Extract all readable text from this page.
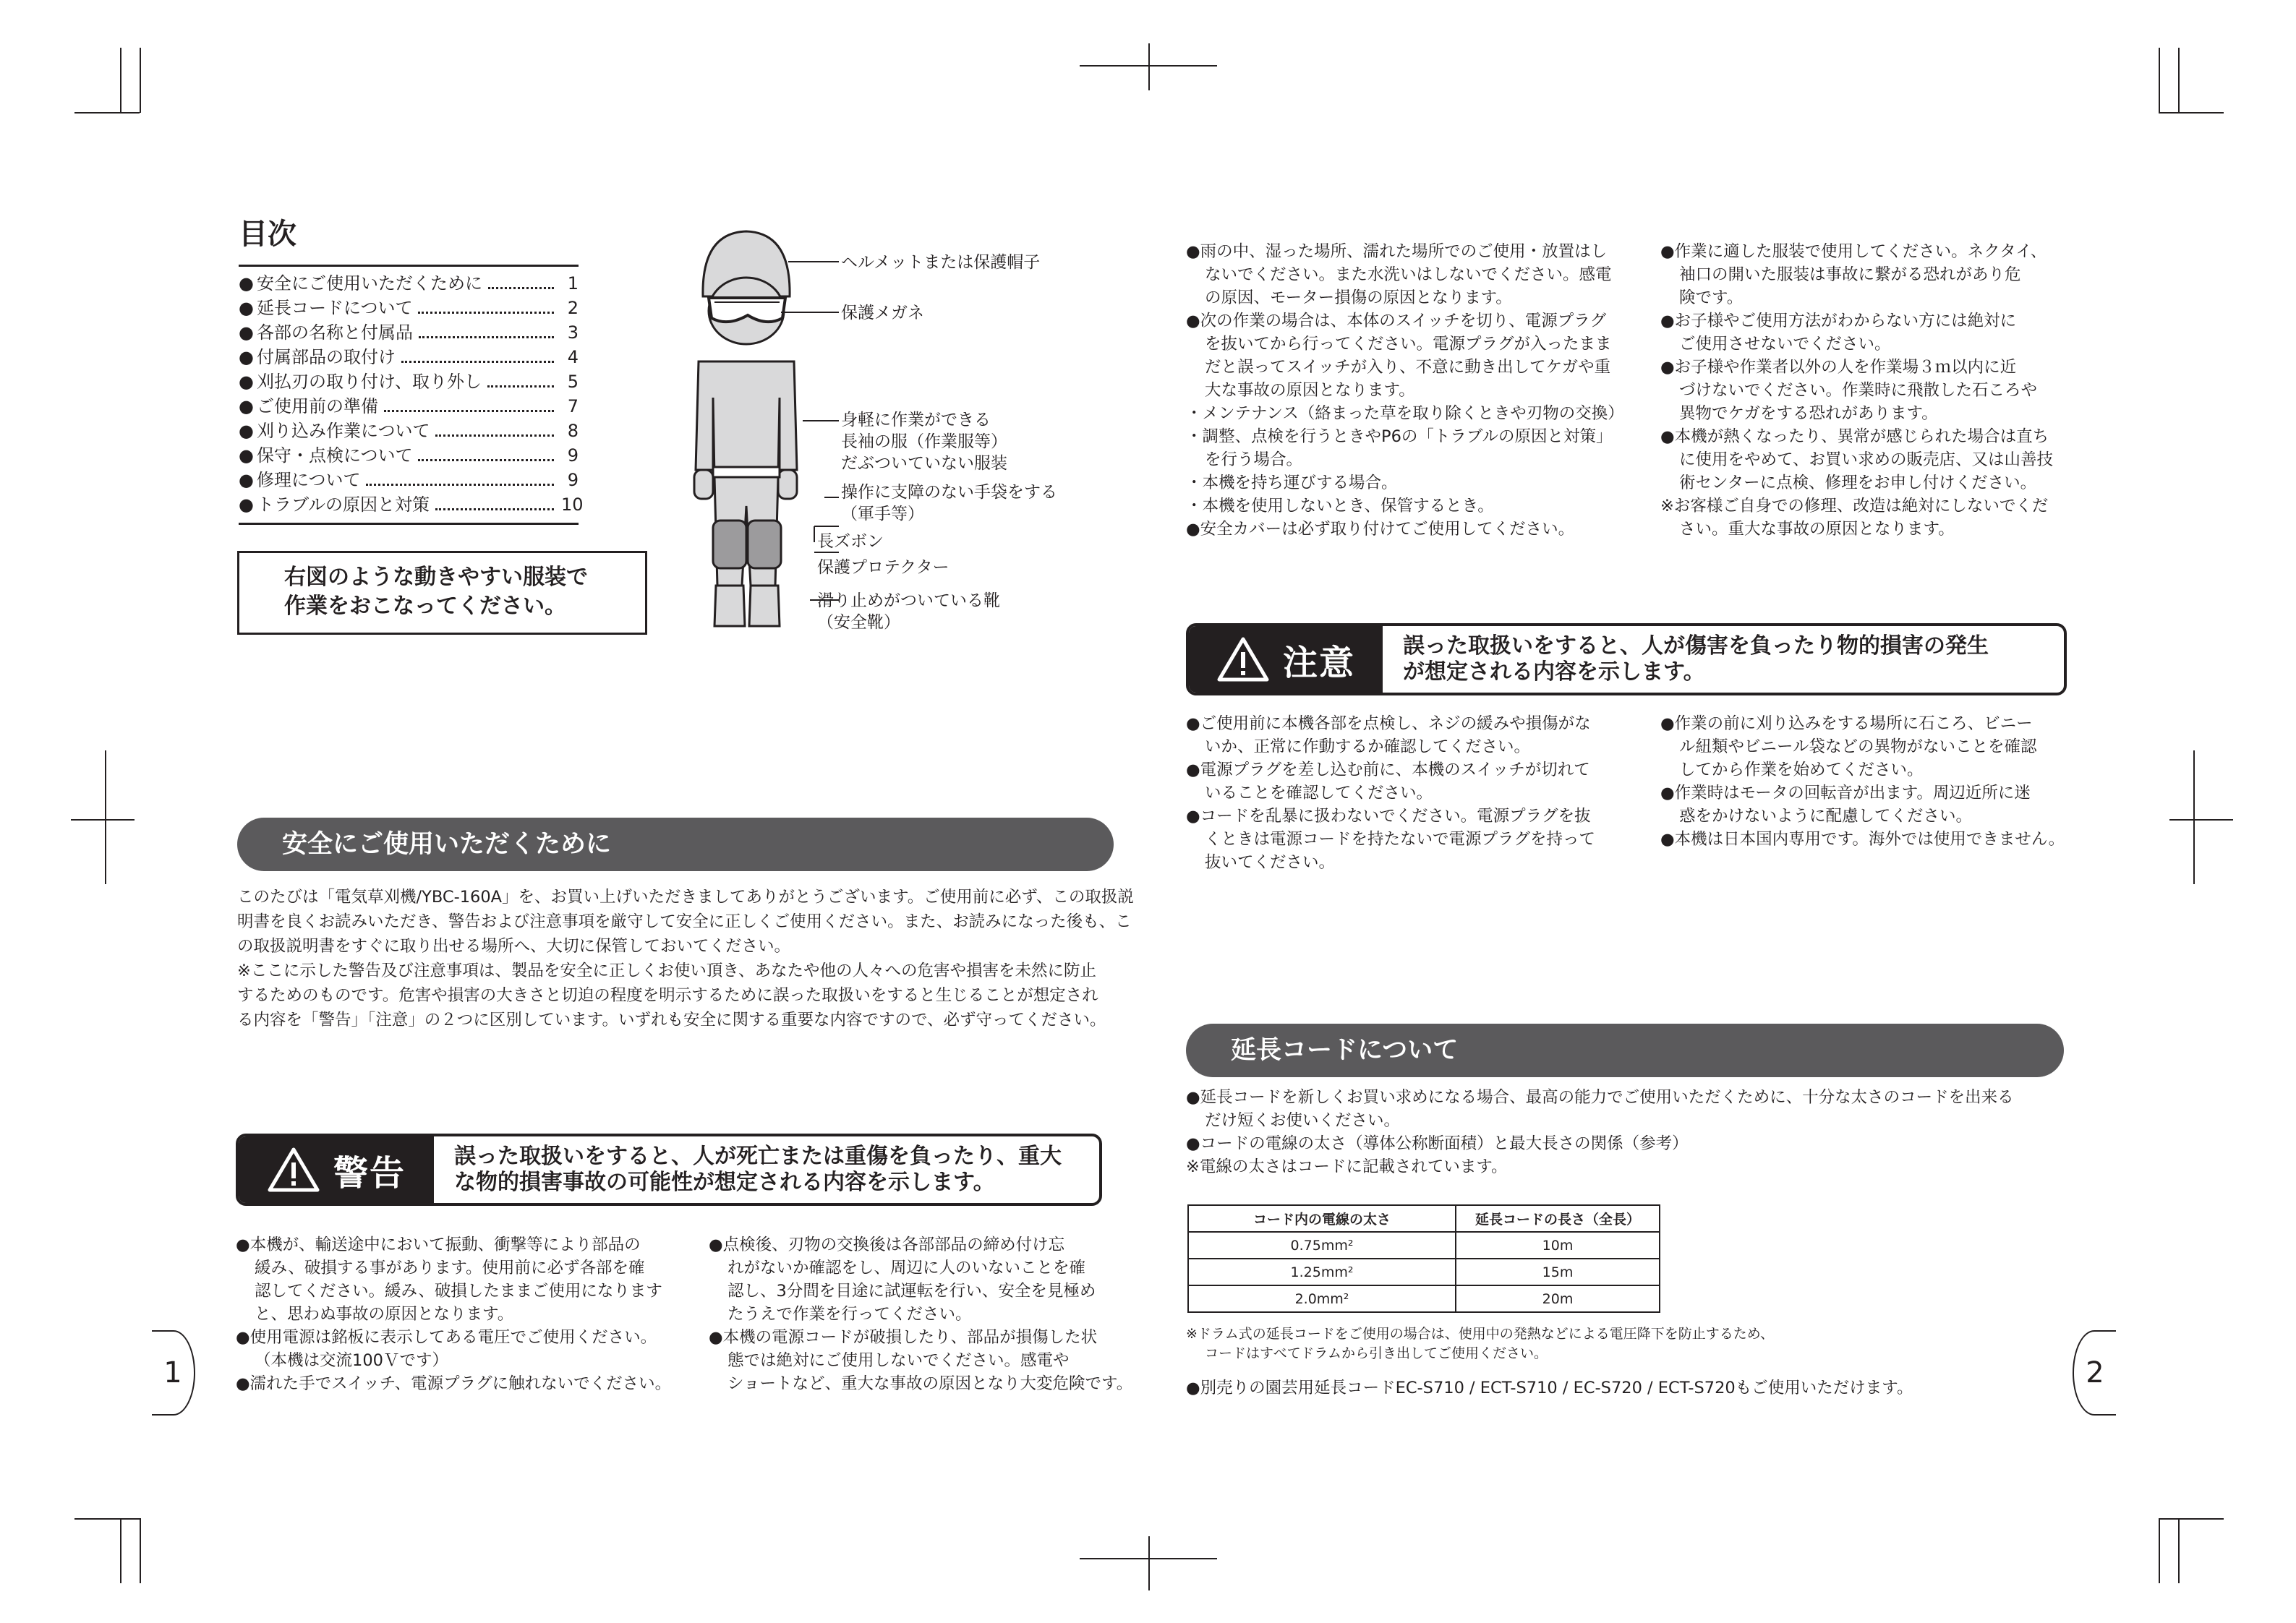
目次
● 安全にご使用いただくために	1
● 延長コードについて	2
● 各部の名称と付属品	3
● 付属部品の取付け	4
● 刈払刃の取り付け、取り外し	5
● ご使用前の準備	7
● 刈り込み作業について	8
● 保守・点検について	9
● 修理について	9
● トラブルの原因と対策	10
右図のような動きやすい服装で
作業をおこなってください。
ヘルメットまたは保護帽子
保護メガネ
身軽に作業ができる
長袖の服（作業服等）
だぶついていない服装
操作に支障のない手袋をする
（軍手等）
長ズボン
保護プロテクター
滑り止めがついている靴
（安全靴）
安全にご使用いただくために

このたびは「電気草刈機/YBC-160A」を、お買い上げいただきましてありがとうございます。ご使用前に必ず、この取扱説

明書を良くお読みいただき、警告および注意事項を厳守して安全に正しくご使用ください。また、お読みになった後も、こ

の取扱説明書をすぐに取り出せる場所へ、大切に保管しておいてください。

※ここに示した警告及び注意事項は、製品を安全に正しくお使い頂き、あなたや他の人々への危害や損害を未然に防止

するためのものです。危害や損害の大きさと切迫の程度を明示するために誤った取扱いをすると生じることが想定され

る内容を「警告」「注意」の２つに区別しています。いずれも安全に関する重要な内容ですので、必ず守ってください。

警告 誤った取扱いをすると、人が死亡または重傷を負ったり、重大
な物的損害事故の可能性が想定される内容を示します。

●本機が、輸送途中において振動、衝撃等により部品の

緩み、破損する事があります。使用前に必ず各部を確

認してください。緩み、破損したままご使用になります

と、思わぬ事故の原因となります。

●使用電源は銘板に表示してある電圧でご使用ください。

（本機は交流100Ｖです）

●濡れた手でスイッチ、電源プラグに触れないでください。

●点検後、刃物の交換後は各部部品の締め付け忘

れがないか確認をし、周辺に人のいないことを確

認し、3分間を目途に試運転を行い、安全を見極め

たうえで作業を行ってください。

●本機の電源コードが破損したり、部品が損傷した状

態では絶対にご使用しないでください。感電や

ショートなど、重大な事故の原因となり大変危険です。

●雨の中、湿った場所、濡れた場所でのご使用・放置はし

ないでください。また水洗いはしないでください。感電

の原因、モーター損傷の原因となります。

●次の作業の場合は、本体のスイッチを切り、電源プラグ

を抜いてから行ってください。電源プラグが入ったまま

だと誤ってスイッチが入り、不意に動き出してケガや重

大な事故の原因となります。

・メンテナンス（絡まった草を取り除くときや刃物の交換）

・調整、点検を行うときやP6の「トラブルの原因と対策」

を行う場合。

・本機を持ち運びする場合。

・本機を使用しないとき、保管するとき。

●安全カバーは必ず取り付けてご使用してください。

●作業に適した服装で使用してください。ネクタイ、

袖口の開いた服装は事故に繋がる恐れがあり危

険です。

●お子様やご使用方法がわからない方には絶対に

ご使用させないでください。

●お子様や作業者以外の人を作業場３ｍ以内に近

づけないでください。作業時に飛散した石ころや

異物でケガをする恐れがあります。

●本機が熱くなったり、異常が感じられた場合は直ち

に使用をやめて、お買い求めの販売店、又は山善技

術センターに点検、修理をお申し付けください。

※お客様ご自身での修理、改造は絶対にしないでくだ

さい。重大な事故の原因となります。

注意 誤った取扱いをすると、人が傷害を負ったり物的損害の発生
が想定される内容を示します。

●ご使用前に本機各部を点検し、ネジの緩みや損傷がな

いか、正常に作動するか確認してください。

●電源プラグを差し込む前に、本機のスイッチが切れて

いることを確認してください。

●コードを乱暴に扱わないでください。電源プラグを抜

くときは電源コードを持たないで電源プラグを持って

抜いてください。

●作業の前に刈り込みをする場所に石ころ、ビニー

ル紐類やビニール袋などの異物がないことを確認

してから作業を始めてください。

●作業時はモータの回転音が出ます。周辺近所に迷

惑をかけないように配慮してください。

●本機は日本国内専用です。海外では使用できません。

延長コードについて

●延長コードを新しくお買い求めになる場合、最高の能力でご使用いただくために、十分な太さのコードを出来る

だけ短くお使いください。

●コードの電線の太さ（導体公称断面積）と最大長さの関係（参考）

※電線の太さはコードに記載されています。

コード内の電線の太さ	延長コードの長さ（全長）
0.75mm²	10m
1.25mm²	15m
2.0mm²	20m
※ドラム式の延長コードをご使用の場合は、使用中の発熱などによる電圧降下を防止するため、
コードはすべてドラムから引き出してご使用ください。
●別売りの園芸用延長コードEC-S710 / ECT-S710 / EC-S720 / ECT-S720もご使用いただけます。
1	2
